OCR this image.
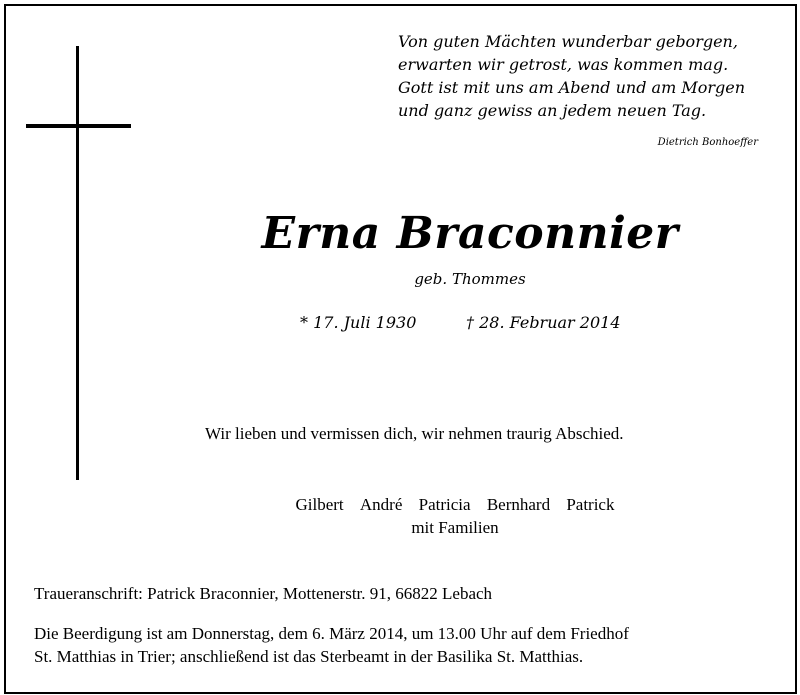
Von guten Mächten wunderbar geborgen,
erwarten wir getrost, was kommen mag.
Gott ist mit uns am Abend und am Morgen
und ganz gewiss an jedem neuen Tag.
Dietrich Bonhoeffer
Erna Braconnier
geb. Thommes
* 17. Juli 1930	† 28. Februar 2014
Wir lieben und vermissen dich, wir nehmen traurig Abschied.
Gilbert André Patricia Bernhard Patrick
mit Familien
Traueranschrift: Patrick Braconnier, Mottenerstr. 91, 66822 Lebach
Die Beerdigung ist am Donnerstag, dem 6. März 2014, um 13.00 Uhr auf dem Friedhof
St. Matthias in Trier; anschließend ist das Sterbeamt in der Basilika St. Matthias.
